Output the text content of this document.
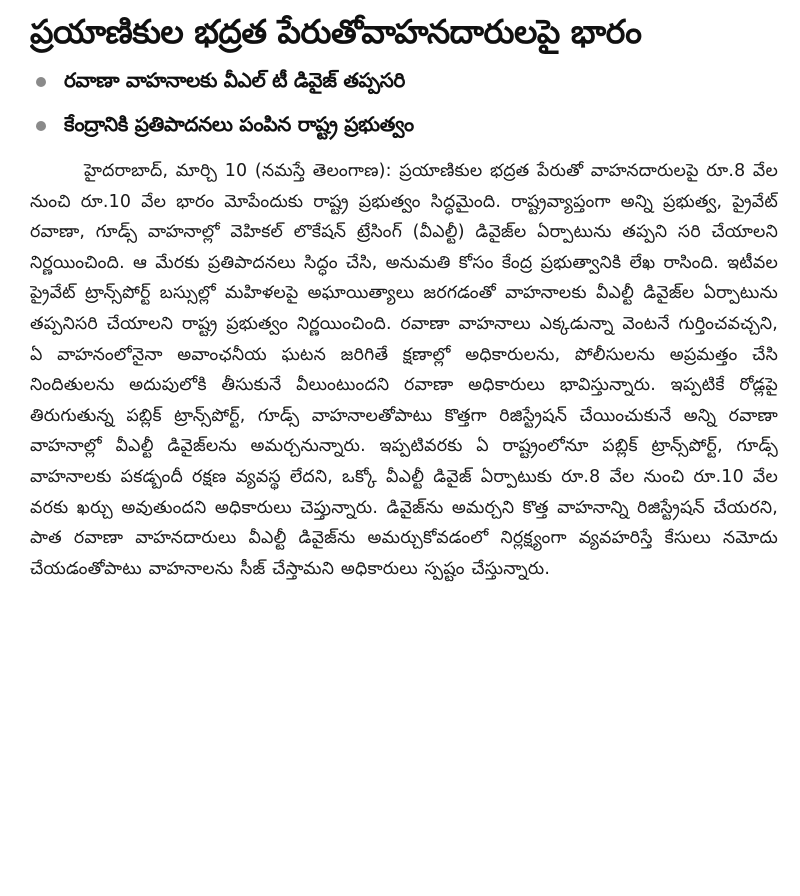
ప్రయాణికుల భద్రత పేరుతోవాహనదారులపై భారం
రవాణా వాహనాలకు వీఎల్ టీ డివైజ్ తప్పసరి
కేంద్రానికి ప్రతిపాదనలు పంపిన రాష్ట్ర ప్రభుత్వం

హైదరాబాద్, మార్చి 10 (నమస్తే తెలంగాణ): ప్రయాణికుల భద్రత పేరుతో వాహనదారులపై రూ.8 వేల నుంచి రూ.10 వేల భారం మోపేందుకు రాష్ట్ర ప్రభుత్వం సిద్ధమైంది. రాష్ట్రవ్యాప్తంగా అన్ని ప్రభుత్వ, ప్రైవేట్ రవాణా, గూడ్స్ వాహనాల్లో వెహికల్ లొకేషన్ ట్రేసింగ్ (వీఎల్టీ) డివైజ్‌ల ఏర్పాటును తప్పని సరి చేయాలని నిర్ణయించింది. ఆ మేరకు ప్రతిపాదనలు సిద్ధం చేసి, అనుమతి కోసం కేంద్ర ప్రభుత్వానికి లేఖ రాసింది. ఇటీవల ప్రైవేట్ ట్రాన్స్‌పోర్ట్ బస్సుల్లో మహిళలపై అఘాయిత్యాలు జరగడంతో వాహనాలకు వీఎల్టీ డివైజ్‌ల ఏర్పాటును తప్పనిసరి చేయాలని రాష్ట్ర ప్రభుత్వం నిర్ణయించింది. రవాణా వాహనాలు ఎక్కడున్నా వెంటనే గుర్తించవచ్చని, ఏ వాహనంలోనైనా అవాంఛనీయ ఘటన జరిగితే క్షణాల్లో అధికారులను, పోలీసులను అప్రమత్తం చేసి నిందితులను అదుపులోకి తీసుకునే వీలుంటుందని రవాణా అధికారులు భావిస్తున్నారు. ఇప్పటికే రోడ్లపై తిరుగుతున్న పబ్లిక్ ట్రాన్స్‌పోర్ట్, గూడ్స్ వాహనాలతోపాటు కొత్తగా రిజిస్ట్రేషన్ చేయించుకునే అన్ని రవాణా వాహనాల్లో వీఎల్టీ డివైజ్‌లను అమర్చనున్నారు. ఇప్పటివరకు ఏ రాష్ట్రంలోనూ పబ్లిక్ ట్రాన్స్‌పోర్ట్, గూడ్స్ వాహనాలకు పకడ్బందీ రక్షణ వ్యవస్థ లేదని, ఒక్కో వీఎల్టీ డివైజ్ ఏర్పాటుకు రూ.8 వేల నుంచి రూ.10 వేల వరకు ఖర్చు అవుతుందని అధికారులు చెప్తున్నారు. డివైజ్‌ను అమర్చని కొత్త వాహనాన్ని రిజిస్ట్రేషన్ చేయరని, పాత రవాణా వాహనదారులు వీఎల్టీ డివైజ్‌ను అమర్చుకోవడంలో నిర్లక్ష్యంగా వ్యవహరిస్తే కేసులు నమోదు చేయడంతోపాటు వాహనాలను సీజ్ చేస్తామని అధికారులు స్పష్టం చేస్తున్నారు.
